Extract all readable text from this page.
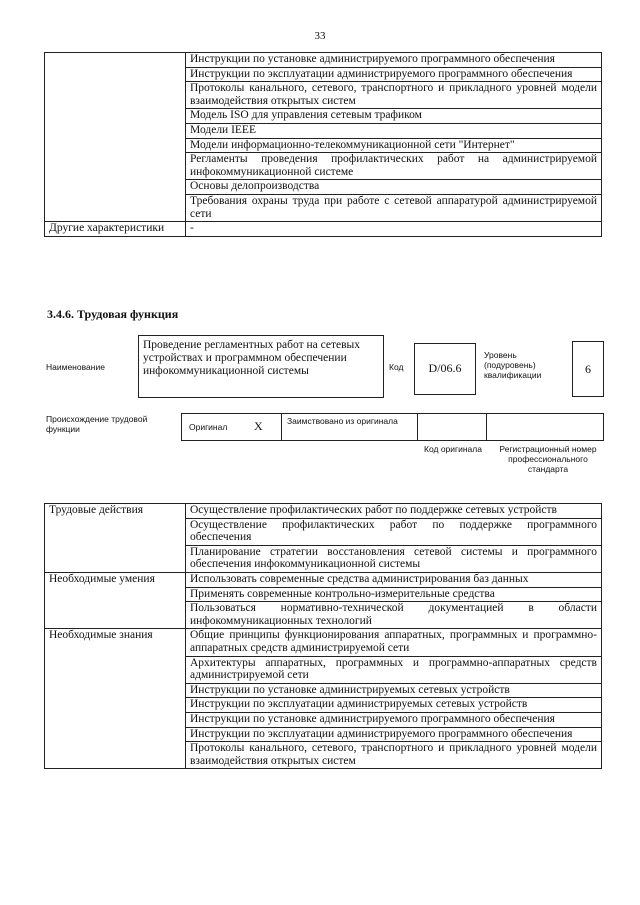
33
	Инструкции по установке администрируемого программного обеспечения
	Инструкции по эксплуатации администрируемого программного обеспечения
	Протоколы канального, сетевого, транспортного и прикладного уровней модели взаимодействия открытых систем
	Модель ISO для управления сетевым трафиком
	Модели IEEE
	Модели информационно-телекоммуникационной сети "Интернет"
	Регламенты проведения профилактических работ на администрируемой инфокоммуникационной системе
	Основы делопроизводства
	Требования охраны труда при работе с сетевой аппаратурой администрируемой сети
Другие характеристики	-
3.4.6. Трудовая функция
Наименование
Проведение регламентных работ на сетевых устройствах и программном обеспечении инфокоммуникационной системы	Код	D/06.6
Уровень (подуровень) квалификации	6
Происхождение трудовой функции	Оригинал X	Заимствовано из оригинала
Код оригинала	Регистрационный номер профессионального стандарта
Трудовые действия	Осуществление профилактических работ по поддержке сетевых устройств
	Осуществление профилактических работ по поддержке программного обеспечения
	Планирование стратегии восстановления сетевой системы и программного обеспечения инфокоммуникационной системы
Необходимые умения	Использовать современные средства администрирования баз данных
	Применять современные контрольно-измерительные средства
	Пользоваться нормативно-технической документацией в области инфокоммуникационных технологий
Необходимые знания	Общие принципы функционирования аппаратных, программных и программно-аппаратных средств администрируемой сети
	Архитектуры аппаратных, программных и программно-аппаратных средств администрируемой сети
	Инструкции по установке администрируемых сетевых устройств
	Инструкции по эксплуатации администрируемых сетевых устройств
	Инструкции по установке администрируемого программного обеспечения
	Инструкции по эксплуатации администрируемого программного обеспечения
	Протоколы канального, сетевого, транспортного и прикладного уровней модели взаимодействия открытых систем
